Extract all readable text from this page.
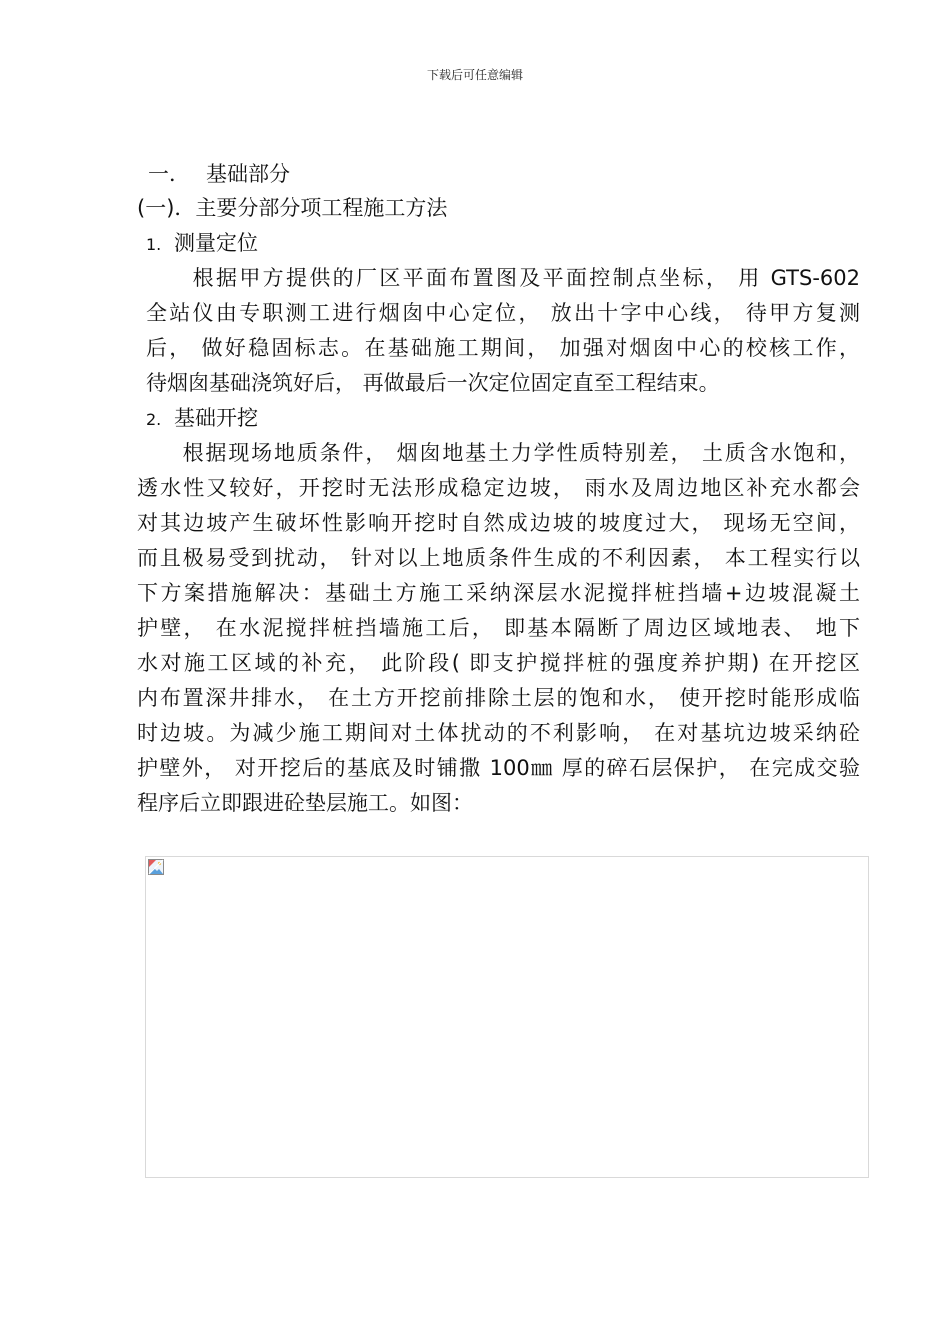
下载后可任意编辑
一． 基础部分
(一)．主要分部分项工程施工方法
1. 测量定位
　　根据甲方提供的厂区平面布置图及平面控制点坐标， 用 GTS-602
全站仪由专职测工进行烟囱中心定位， 放出十字中心线， 待甲方复测
后， 做好稳固标志。在基础施工期间， 加强对烟囱中心的校核工作，
待烟囱基础浇筑好后， 再做最后一次定位固定直至工程结束。
2. 基础开挖
　　根据现场地质条件， 烟囱地基土力学性质特别差， 土质含水饱和，
透水性又较好，开挖时无法形成稳定边坡， 雨水及周边地区补充水都会
对其边坡产生破坏性影响开挖时自然成边坡的坡度过大， 现场无空间，
而且极易受到扰动， 针对以上地质条件生成的不利因素， 本工程实行以
下方案措施解决：基础土方施工采纳深层水泥搅拌桩挡墙+边坡混凝土
护壁， 在水泥搅拌桩挡墙施工后， 即基本隔断了周边区域地表、 地下
水对施工区域的补充， 此阶段( 即支护搅拌桩的强度养护期) 在开挖区
内布置深井排水， 在土方开挖前排除土层的饱和水， 使开挖时能形成临
时边坡。为减少施工期间对土体扰动的不利影响， 在对基坑边坡采纳砼
护壁外， 对开挖后的基底及时铺撒 100㎜ 厚的碎石层保护， 在完成交验
程序后立即跟进砼垫层施工。如图：
